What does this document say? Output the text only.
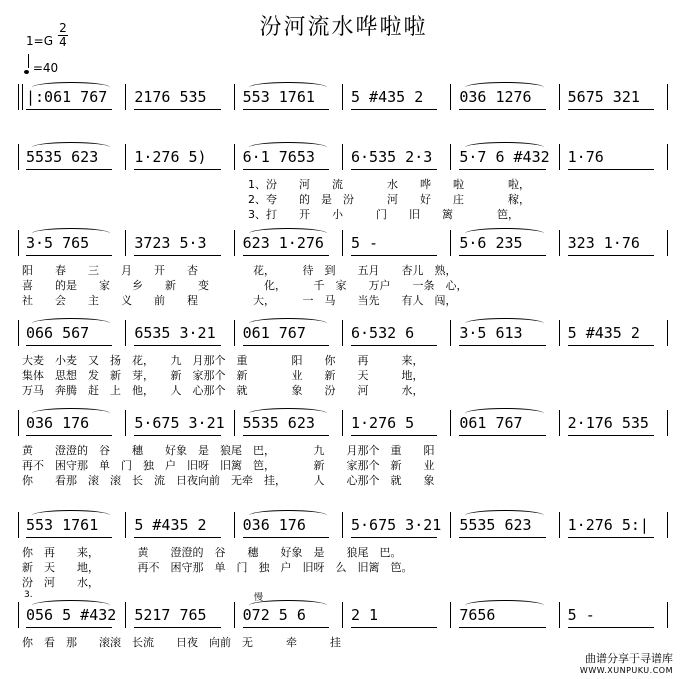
汾河流水哗啦啦
1=G
2
4
=40
|:061 767 2176 535 553 1761 5 #435 2 036 1276 5675 321
5535 623 1·276 5) 6·1 7653 6·535 2·3 5·7 6 #432 1·76
1、汾　　河　　流　　　　水　　哗　　啦　　　　啦，
2、夸　　的　是　汾　　　河　　好　　庄　　　　稼，
3、打　　开　　小　　　门　　旧　　篱　　　　笆，
3·5 765	3723 5·3 623 1·276 5 -	5·6 235	323 1·76
阳　　春　　三　　月　　开　　杏　　　　　花，　　　待　到　　五月　　杏儿　熟，
喜　　的是　　家　　乡　　新　　变　　　　　化，　　　千　家　　万户　　一条　心，
社　　会　　主　　义　　前　　程　　　　　大，　　　一　马　　当先　　有人　闯，
066 567	6535 3·21 061 767	6·532 6	3·5 613	5 #435 2
大麦　小麦　又　扬　花，　　九　月那个　重　　　　阳　　你　　再　　　来，
集体　思想　发　新　芽，　　新　家那个　新　　　　业　　新　　天　　　地，
万马　奔腾　赶　上　他，　　人　心那个　就　　　　象　　汾　　河　　　水，
036 176	5·675 3·21 5535 623 1·276 5	061 767	2·176 535
黄　　澄澄的　谷　　穗　　好象　是　狼尾　巴，　　　　九　　月那个　重　　阳
再不　困守那　单　门　独　户　旧呀　旧篱　笆，　　　　新　　家那个　新　　业
你　　看那　滚　滚　长　流　日夜向前　无牵　挂，　　　人　　心那个　就　　象
553 1761 5 #435 2 036 176	5·675 3·21 5535 623 1·276 5:|
你　再　　来，　　　　黄　　澄澄的　谷　　穗　　好象　是　　狼尾　巴。
新　天　　地，　　　　再不　困守那　单　门　独　户　旧呀　么　旧篱　笆。
汾　河　　水，
056 5 #432 5217 765 072 5 6	2 1	7656	5 -
3.	慢
你　看　那　　滚滚　长流　　日夜　向前　无　　　牵　　　挂
曲谱分享于寻谱库
WWW.XUNPUKU.COM
